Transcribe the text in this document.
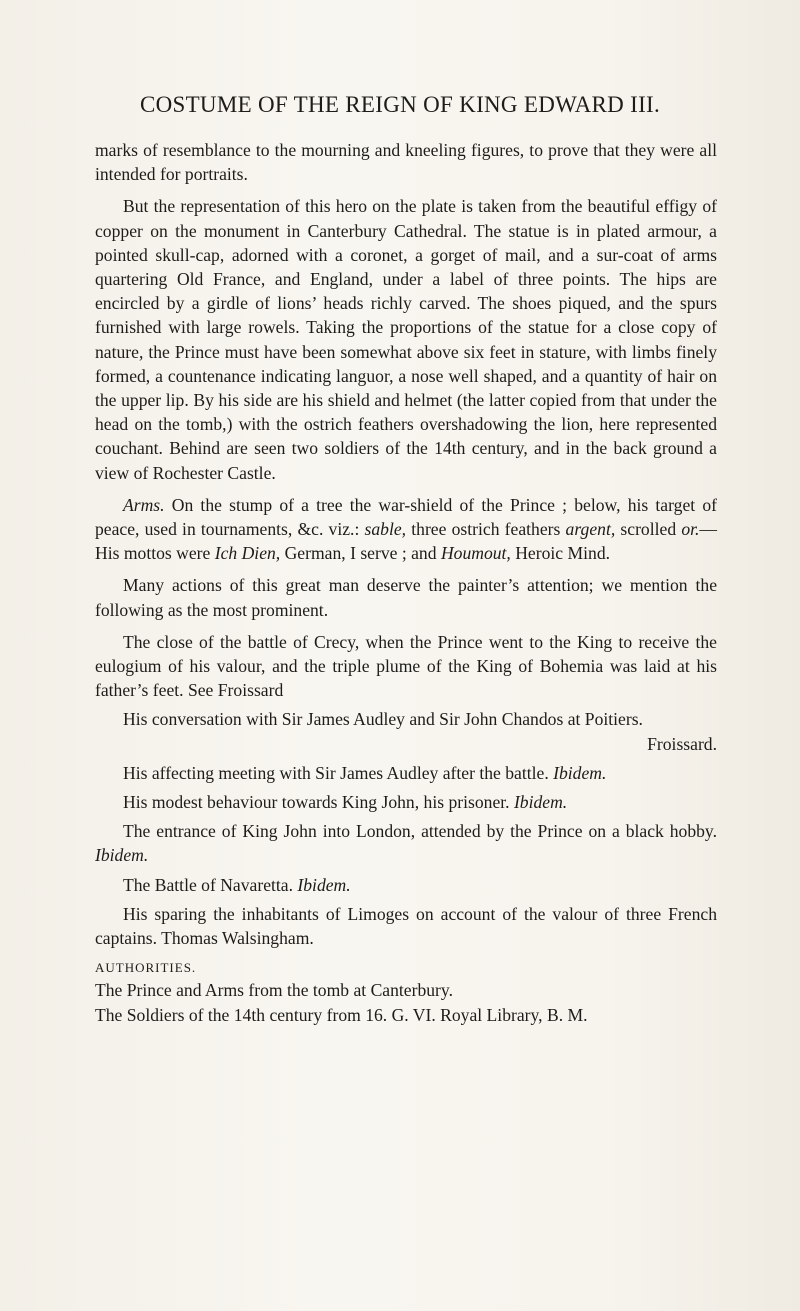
COSTUME OF THE REIGN OF KING EDWARD III.

marks of resemblance to the mourning and kneeling figures, to prove that they were all intended for portraits.

But the representation of this hero on the plate is taken from the beautiful effigy of copper on the monument in Canterbury Cathedral. The statue is in plated armour, a pointed skull-cap, adorned with a coronet, a gorget of mail, and a sur-coat of arms quartering Old France, and England, under a label of three points. The hips are encircled by a girdle of lions’ heads richly carved. The shoes piqued, and the spurs furnished with large rowels. Taking the proportions of the statue for a close copy of nature, the Prince must have been somewhat above six feet in stature, with limbs finely formed, a countenance indicating languor, a nose well shaped, and a quantity of hair on the upper lip. By his side are his shield and helmet (the latter copied from that under the head on the tomb,) with the ostrich feathers overshadowing the lion, here represented couchant. Behind are seen two soldiers of the 14th century, and in the back ground a view of Rochester Castle.

Arms. On the stump of a tree the war-shield of the Prince ; below, his target of peace, used in tournaments, &c. viz.: sable, three ostrich feathers argent, scrolled or.—His mottos were Ich Dien, German, I serve ; and Houmout, Heroic Mind.

Many actions of this great man deserve the painter’s attention; we mention the following as the most prominent.

The close of the battle of Crecy, when the Prince went to the King to receive the eulogium of his valour, and the triple plume of the King of Bohemia was laid at his father’s feet. See Froissard

His conversation with Sir James Audley and Sir John Chandos at Poitiers.
Froissard.

His affecting meeting with Sir James Audley after the battle. Ibidem.

His modest behaviour towards King John, his prisoner. Ibidem.

The entrance of King John into London, attended by the Prince on a black hobby. Ibidem.

The Battle of Navaretta. Ibidem.

His sparing the inhabitants of Limoges on account of the valour of three French captains. Thomas Walsingham.

AUTHORITIES.

The Prince and Arms from the tomb at Canterbury.

The Soldiers of the 14th century from 16. G. VI. Royal Library, B. M.
